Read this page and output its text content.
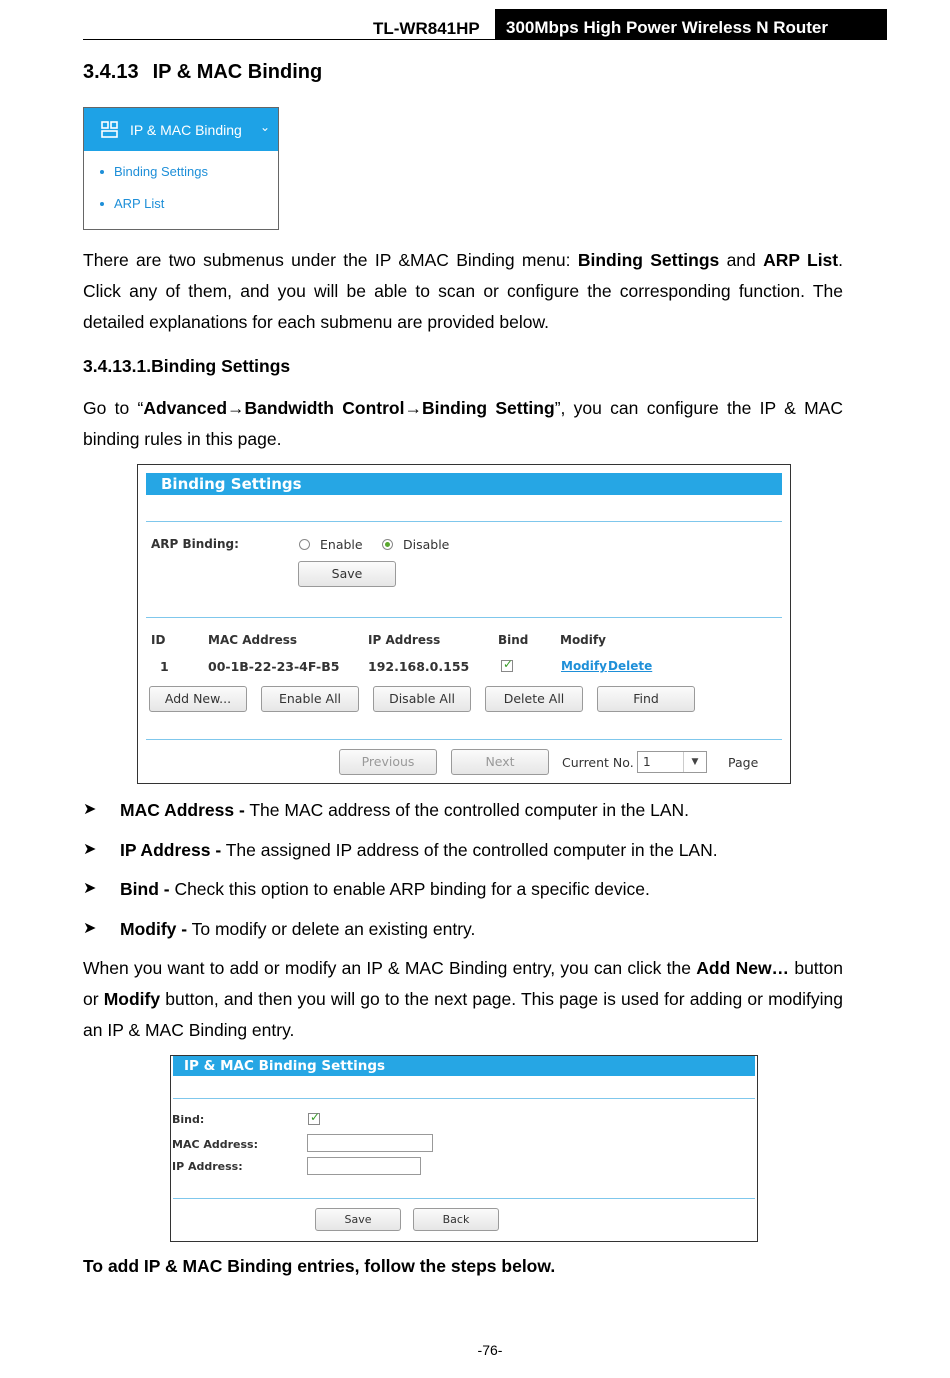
TL-WR841HP	300Mbps High Power Wireless N Router
3.4.13 IP & MAC Binding
IP & MAC Binding ⌄
Binding Settings
ARP List
There are two submenus under the IP &MAC Binding menu: Binding Settings and ARP List. Click any of them, and you will be able to scan or configure the corresponding function. The detailed explanations for each submenu are provided below.
3.4.13.1.Binding Settings
Go to “Advanced→Bandwidth Control→Binding Setting”, you can configure the IP & MAC binding rules in this page.
Binding Settings
ARP Binding:	Enable	Disable
Save
ID	MAC Address	IP Address	Bind	Modify
1	00-1B-22-23-4F-B5 192.168.0.155	✓	Modify Delete
Add New...	Enable All	Disable All	Delete All	Find
Previous	Next	Current No. 1	▼	Page
➤ MAC Address - The MAC address of the controlled computer in the LAN.
➤ IP Address - The assigned IP address of the controlled computer in the LAN.
➤ Bind - Check this option to enable ARP binding for a specific device.
➤ Modify - To modify or delete an existing entry.
When you want to add or modify an IP & MAC Binding entry, you can click the Add New… button or Modify button, and then you will go to the next page. This page is used for adding or modifying an IP & MAC Binding entry.
IP & MAC Binding Settings
Bind:	✓
MAC Address:
IP Address:
Save	Back
To add IP & MAC Binding entries, follow the steps below.
-76-
